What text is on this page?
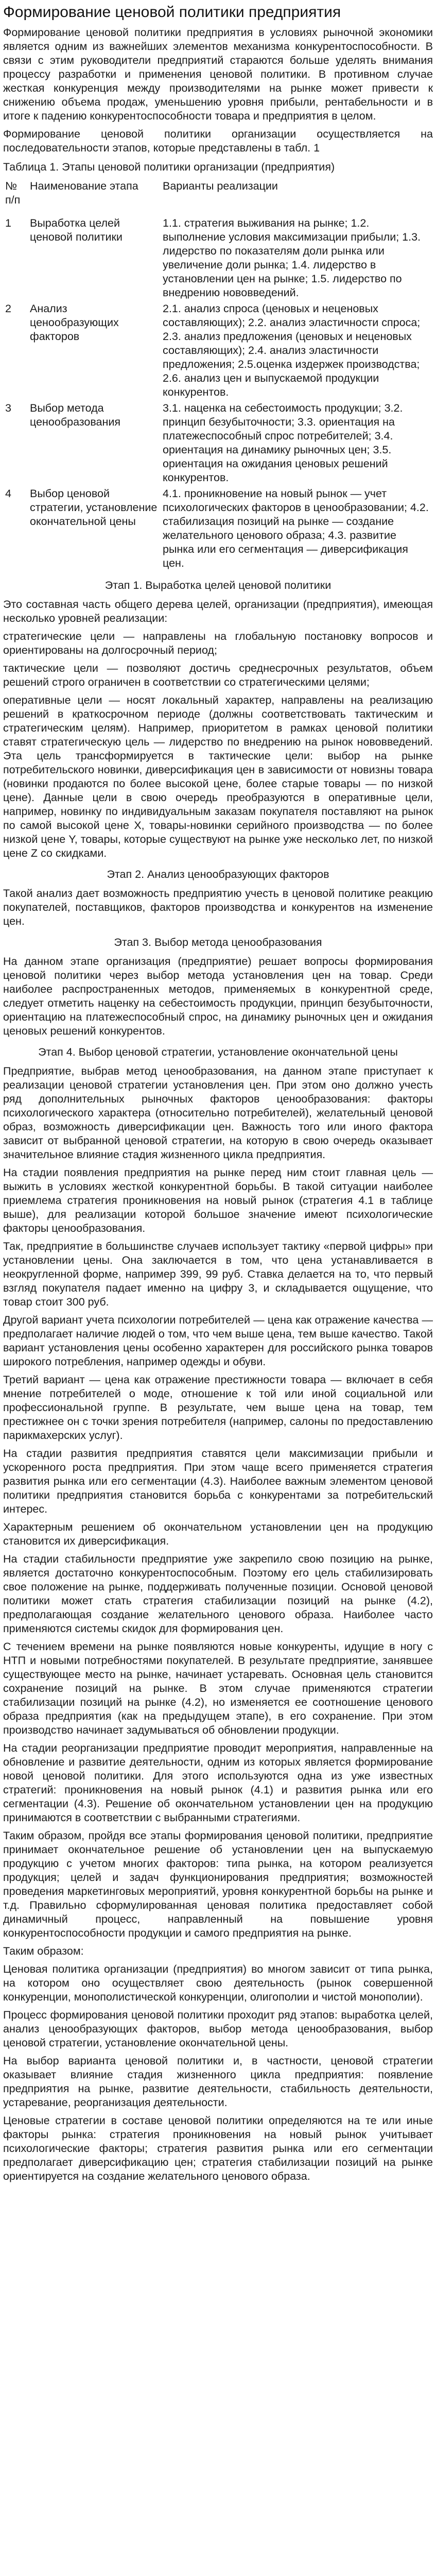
Формирование ценовой политики предприятия

Формирование ценовой политики предприятия в условиях рыночной экономики является одним из важнейших элементов механизма конкурентоспособности. В связи с этим руководители предприятий стараются больше уделять внимания процессу разработки и применения ценовой политики. В противном случае жесткая конкуренция между производителями на рынке может привести к снижению объема продаж, уменьшению уровня прибыли, рентабельности и в итоге к падению конкурентоспособности товара и предприятия в целом.

Формирование ценовой политики организации осуществляется на последовательности этапов, которые представлены в табл. 1

Таблица 1. Этапы ценовой политики организации (предприятия)

№ п/п	Наименование этапа	Варианты реализации

1	Выработка целей ценовой политики	1.1. стратегия выживания на рынке; 1.2. выполнение условия максимизации прибыли; 1.3. лидерство по показателям доли рынка или увеличение доли рынка; 1.4. лидерство в установлении цен на рынке; 1.5. лидерство по внедрению нововведений.
2	Анализ ценообразующих факторов	2.1. анализ спроса (ценовых и неценовых составляющих); 2.2. анализ эластичности спроса; 2.3. анализ предложения (ценовых и неценовых составляющих); 2.4. анализ эластичности предложения; 2.5.оценка издержек производства; 2.6. анализ цен и выпускаемой продукции конкурентов.
3	Выбор метода ценообразования	3.1. наценка на себестоимость продукции; 3.2. принцип безубыточности; 3.3. ориентация на платежеспособный спрос потребителей; 3.4. ориентация на динамику рыночных цен; 3.5. ориентация на ожидания ценовых решений конкурентов.
4	Выбор ценовой стратегии, установление окончательной цены	4.1. проникновение на новый рынок — учет психологических факторов в ценообразовании; 4.2. стабилизация позиций на рынке — создание желательного ценового образа; 4.3. развитие рынка или его сегментация — диверсификация цен.

Этап 1. Выработка целей ценовой политики

Это составная часть общего дерева целей, организации (предприятия), имеющая несколько уровней реализации:

стратегические цели — направлены на глобальную постановку вопросов и ориентированы на долгосрочный период;

тактические цели — позволяют достичь среднесрочных результатов, объем решений строго ограничен в соответствии со стратегическими целями;

оперативные цели — носят локальный характер, направлены на реализацию решений в краткосрочном периоде (должны соответствовать тактическим и стратегическим целям). Например, приоритетом в рамках ценовой политики ставят стратегическую цель — лидерство по внедрению на рынок нововведений. Эта цель трансформируется в тактические цели: выбор на рынке потребительского новинки, диверсификация цен в зависимости от новизны товара (новинки продаются по более высокой цене, более старые товары — по низкой цене). Данные цели в свою очередь преобразуются в оперативные цели, например, новинку по индивидуальным заказам покупателя поставляют на рынок по самой высокой цене X, товары-новинки серийного производства — по более низкой цене Y, товары, которые существуют на рынке уже несколько лет, по низкой цене Z со скидками.

Этап 2. Анализ ценообразующих факторов

Такой анализ дает возможность предприятию учесть в ценовой политике реакцию покупателей, поставщиков, факторов производства и конкурентов на изменение цен.

Этап 3. Выбор метода ценообразования

На данном этапе организация (предприятие) решает вопросы формирования ценовой политики через выбор метода установления цен на товар. Среди наиболее распространенных методов, применяемых в конкурентной среде, следует отметить наценку на себестоимость продукции, принцип безубыточности, ориентацию на платежеспособный спрос, на динамику рыночных цен и ожидания ценовых решений конкурентов.

Этап 4. Выбор ценовой стратегии, установление окончательной цены

Предприятие, выбрав метод ценообразования, на данном этапе приступает к реализации ценовой стратегии установления цен. При этом оно должно учесть ряд дополнительных рыночных факторов ценообразования: факторы психологического характера (относительно потребителей), желательный ценовой образ, возможность диверсификации цен. Важность того или иного фактора зависит от выбранной ценовой стратегии, на которую в свою очередь оказывает значительное влияние стадия жизненного цикла предприятия.

На стадии появления предприятия на рынке перед ним стоит главная цель — выжить в условиях жесткой конкурентной борьбы. В такой ситуации наиболее приемлема стратегия проникновения на новый рынок (стратегия 4.1 в таблице выше), для реализации которой большое значение имеют психологические факторы ценообразования.

Так, предприятие в большинстве случаев использует тактику «первой цифры» при установлении цены. Она заключается в том, что цена устанавливается в неокругленной форме, например 399, 99 руб. Ставка делается на то, что первый взгляд покупателя падает именно на цифру 3, и складывается ощущение, что товар стоит 300 руб.

Другой вариант учета психологии потребителей — цена как отражение качества — предполагает наличие людей о том, что чем выше цена, тем выше качество. Такой вариант установления цены особенно характерен для российского рынка товаров широкого потребления, например одежды и обуви.

Третий вариант — цена как отражение престижности товара — включает в себя мнение потребителей о моде, отношение к той или иной социальной или профессиональной группе. В результате, чем выше цена на товар, тем престижнее он с точки зрения потребителя (например, салоны по предоставлению парикмахерских услуг).

На стадии развития предприятия ставятся цели максимизации прибыли и ускоренного роста предприятия. При этом чаще всего применяется стратегия развития рынка или его сегментации (4.3). Наиболее важным элементом ценовой политики предприятия становится борьба с конкурентами за потребительский интерес.

Характерным решением об окончательном установлении цен на продукцию становится их диверсификация.

На стадии стабильности предприятие уже закрепило свою позицию на рынке, является достаточно конкурентоспособным. Поэтому его цель стабилизировать свое положение на рынке, поддерживать полученные позиции. Основой ценовой политики может стать стратегия стабилизации позиций на рынке (4.2), предполагающая создание желательного ценового образа. Наиболее часто применяются системы скидок для формирования цен.

С течением времени на рынке появляются новые конкуренты, идущие в ногу с НТП и новыми потребностями покупателей. В результате предприятие, занявшее существующее место на рынке, начинает устаревать. Основная цель становится сохранение позиций на рынке. В этом случае применяются стратегии стабилизации позиций на рынке (4.2), но изменяется ее соотношение ценового образа предприятия (как на предыдущем этапе), в его сохранение. При этом производство начинает задумываться об обновлении продукции.

На стадии реорганизации предприятие проводит мероприятия, направленные на обновление и развитие деятельности, одним из которых является формирование новой ценовой политики. Для этого используются одна из уже известных стратегий: проникновения на новый рынок (4.1) и развития рынка или его сегментации (4.3). Решение об окончательном установлении цен на продукцию принимаются в соответствии с выбранными стратегиями.

Таким образом, пройдя все этапы формирования ценовой политики, предприятие принимает окончательное решение об установлении цен на выпускаемую продукцию с учетом многих факторов: типа рынка, на котором реализуется продукция; целей и задач функционирования предприятия; возможностей проведения маркетинговых мероприятий, уровня конкурентной борьбы на рынке и т.д. Правильно сформулированная ценовая политика предоставляет собой динамичный процесс, направленный на повышение уровня конкурентоспособности продукции и самого предприятия на рынке.

Таким образом:

Ценовая политика организации (предприятия) во многом зависит от типа рынка, на котором оно осуществляет свою деятельность (рынок совершенной конкуренции, монополистической конкуренции, олигополии и чистой монополии).

Процесс формирования ценовой политики проходит ряд этапов: выработка целей, анализ ценообразующих факторов, выбор метода ценообразования, выбор ценовой стратегии, установление окончательной цены.

На выбор варианта ценовой политики и, в частности, ценовой стратегии оказывает влияние стадия жизненного цикла предприятия: появление предприятия на рынке, развитие деятельности, стабильность деятельности, устаревание, реорганизация деятельности.

Ценовые стратегии в составе ценовой политики определяются на те или иные факторы рынка: стратегия проникновения на новый рынок учитывает психологические факторы; стратегия развития рынка или его сегментации предполагает диверсификацию цен; стратегия стабилизации позиций на рынке ориентируется на создание желательного ценового образа.
